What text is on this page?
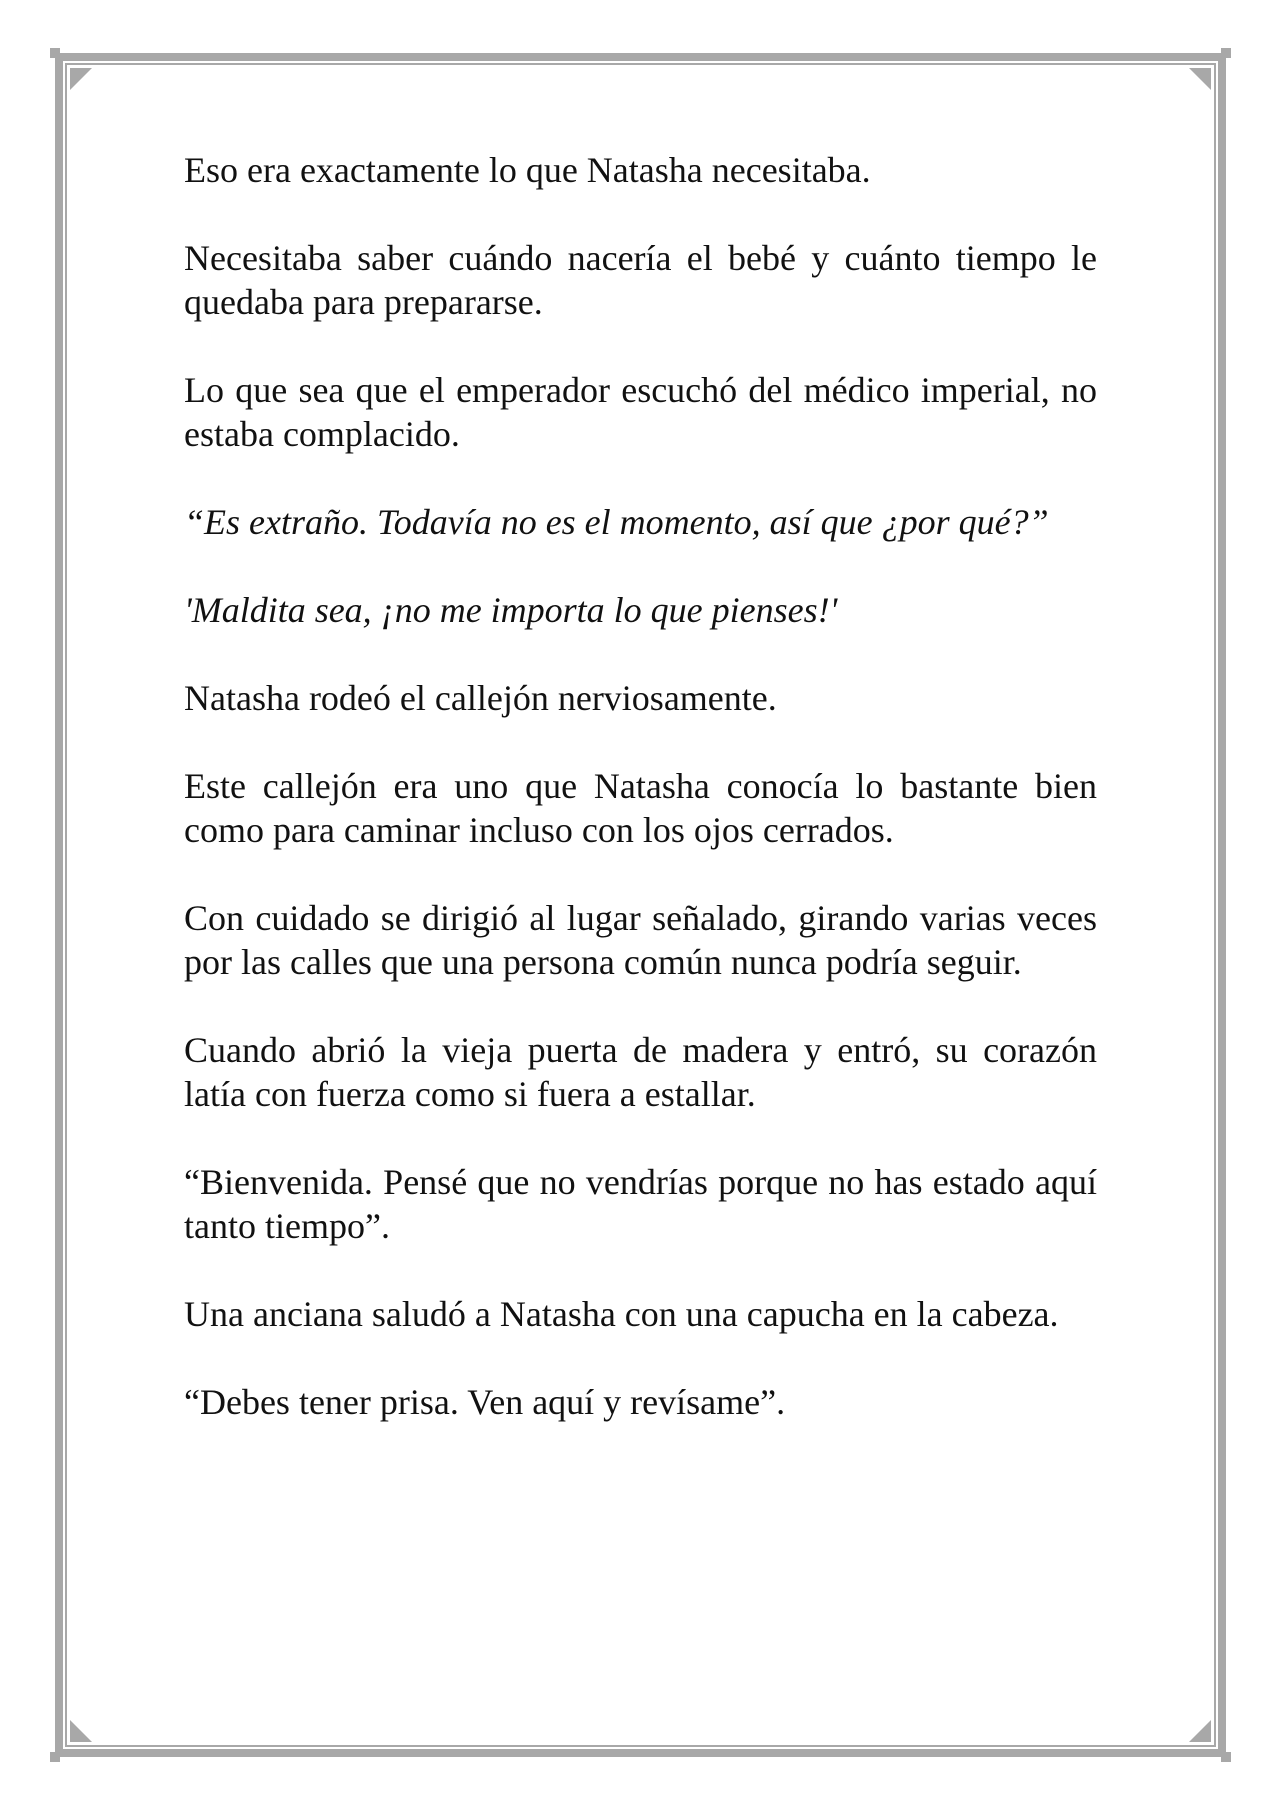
Eso era exactamente lo que Natasha necesitaba.

Necesitaba saber cuándo nacería el bebé y cuánto tiempo le quedaba para prepararse.

Lo que sea que el emperador escuchó del médico imperial, no estaba complacido.

“Es extraño. Todavía no es el momento, así que ¿por qué?”

'Maldita sea, ¡no me importa lo que pienses!'

Natasha rodeó el callejón nerviosamente.

Este callejón era uno que Natasha conocía lo bastante bien como para caminar incluso con los ojos cerrados.

Con cuidado se dirigió al lugar señalado, girando varias veces por las calles que una persona común nunca podría seguir.

Cuando abrió la vieja puerta de madera y entró, su corazón latía con fuerza como si fuera a estallar.

“Bienvenida. Pensé que no vendrías porque no has estado aquí tanto tiempo”.

Una anciana saludó a Natasha con una capucha en la cabeza.

“Debes tener prisa. Ven aquí y revísame”.
